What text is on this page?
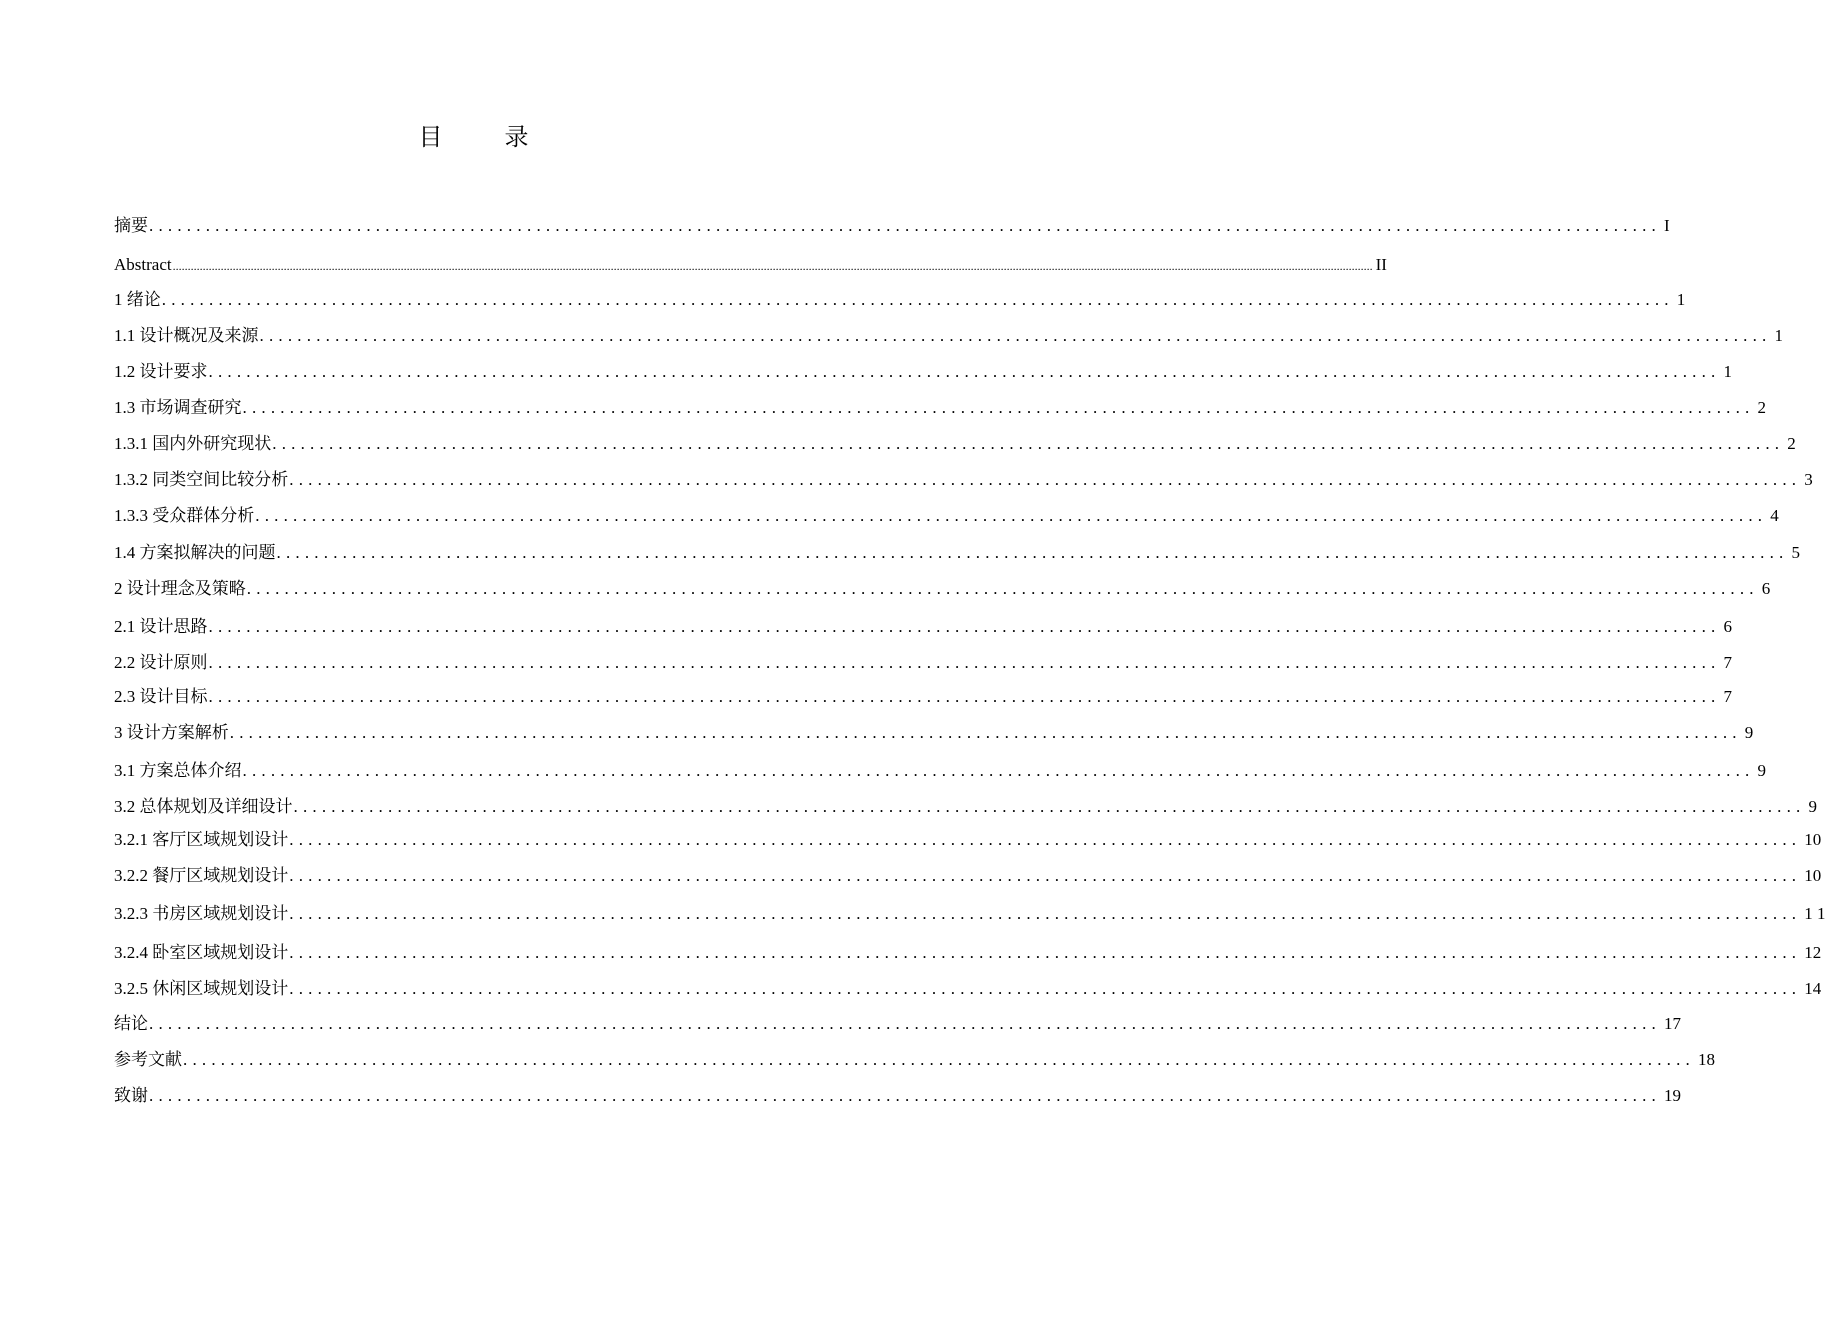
目 录
摘要 ................................................................................................................................................................ I
Abstract ................................................................................................................................................................................................................................................................................................................................................................................................................ II
1 绪论 ................................................................................................................................................................ 1
1.1 设计概况及来源 ................................................................................................................................................................ 1
1.2 设计要求 ................................................................................................................................................................ 1
1.3 市场调查研究 ................................................................................................................................................................ 2
1.3.1 国内外研究现状 ................................................................................................................................................................ 2
1.3.2 同类空间比较分析 ................................................................................................................................................................ 3
1.3.3 受众群体分析 ................................................................................................................................................................ 4
1.4 方案拟解决的问题 ................................................................................................................................................................ 5
2 设计理念及策略 ................................................................................................................................................................ 6
2.1 设计思路 ................................................................................................................................................................ 6
2.2 设计原则 ................................................................................................................................................................ 7
2.3 设计目标 ................................................................................................................................................................ 7
3 设计方案解析 ................................................................................................................................................................ 9
3.1 方案总体介绍 ................................................................................................................................................................ 9
3.2 总体规划及详细设计 ................................................................................................................................................................ 9
3.2.1 客厅区域规划设计 ................................................................................................................................................................ 10
3.2.2 餐厅区域规划设计 ................................................................................................................................................................ 10
3.2.3 书房区域规划设计 ................................................................................................................................................................ 1 1
3.2.4 卧室区域规划设计 ................................................................................................................................................................ 12
3.2.5 休闲区域规划设计 ................................................................................................................................................................ 14
结论 ................................................................................................................................................................ 17
参考文献 ................................................................................................................................................................ 18
致谢 ................................................................................................................................................................ 19
